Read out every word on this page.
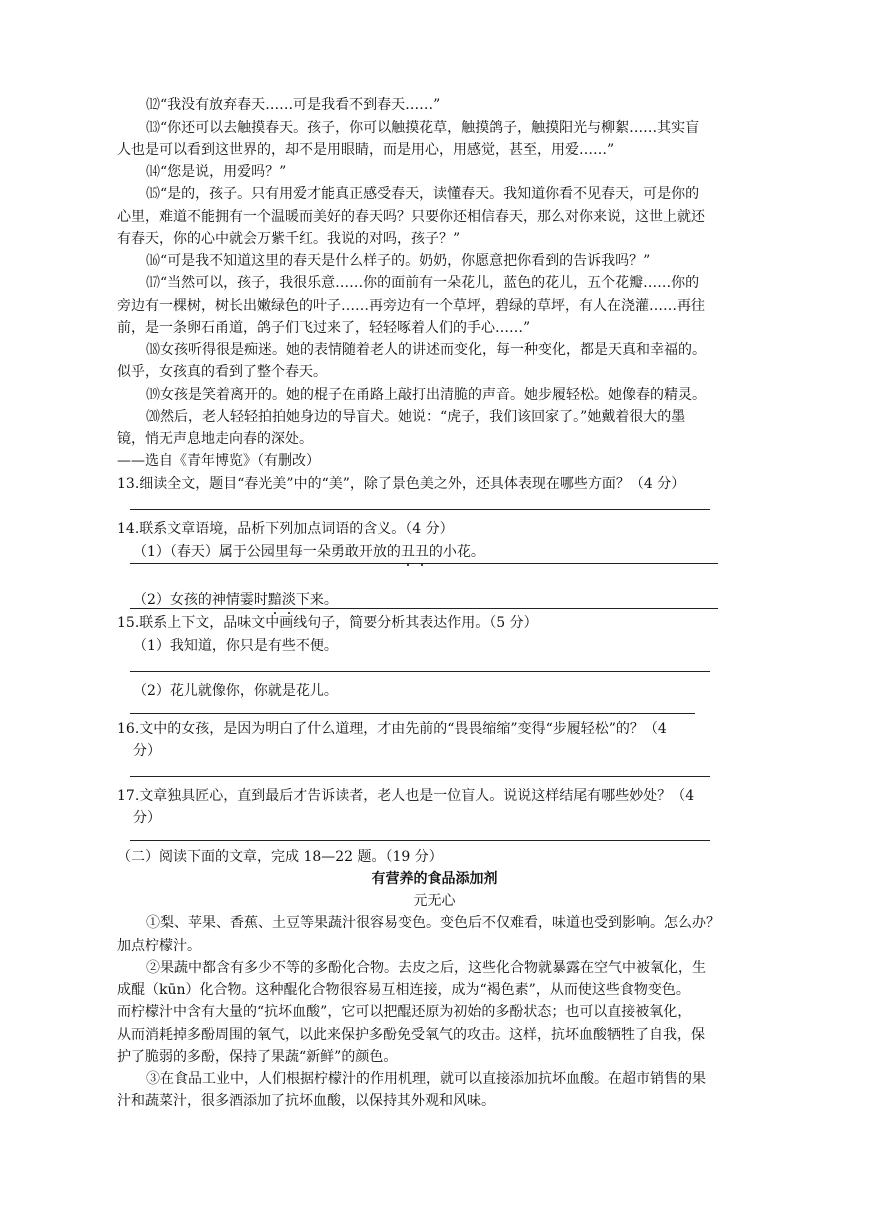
⑿“我没有放弃春天……可是我看不到春天……”
⒀“你还可以去触摸春天。孩子，你可以触摸花草，触摸鸽子，触摸阳光与柳絮……其实盲
人也是可以看到这世界的，却不是用眼睛，而是用心，用感觉，甚至，用爱……”
⒁“您是说，用爱吗？”
⒂“是的，孩子。只有用爱才能真正感受春天，读懂春天。我知道你看不见春天，可是你的
心里，难道不能拥有一个温暖而美好的春天吗？只要你还相信春天，那么对你来说，这世上就还
有春天，你的心中就会万紫千红。我说的对吗，孩子？”
⒃“可是我不知道这里的春天是什么样子的。奶奶，你愿意把你看到的告诉我吗？”
⒄“当然可以，孩子，我很乐意……你的面前有一朵花儿，蓝色的花儿，五个花瓣……你的
旁边有一棵树，树长出嫩绿色的叶子……再旁边有一个草坪，碧绿的草坪，有人在浇灌……再往
前，是一条卵石甬道，鸽子们飞过来了，轻轻啄着人们的手心……”
⒅女孩听得很是痴迷。她的表情随着老人的讲述而变化，每一种变化，都是天真和幸福的。
似乎，女孩真的看到了整个春天。
⒆女孩是笑着离开的。她的棍子在甬路上敲打出清脆的声音。她步履轻松。她像春的精灵。
⒇然后，老人轻轻拍拍她身边的导盲犬。她说：“虎子，我们该回家了。”她戴着很大的墨
镜，悄无声息地走向春的深处。
——选自《青年博览》（有删改）
13.细读全文，题目“春光美”中的“美”，除了景色美之外，还具体表现在哪些方面？（4 分）
14.联系文章语境，品析下列加点词语的含义。（4 分）
（1）（春天）属于公园里每一朵勇敢开放的丑丑的小花。
（2）女孩的神情霎时黯淡下来。
15.联系上下文，品味文中画线句子，简要分析其表达作用。（5 分）
（1）我知道，你只是有些不便。
（2）花儿就像你，你就是花儿。
16.文中的女孩，是因为明白了什么道理，才由先前的“畏畏缩缩”变得“步履轻松”的？（4
分）
17.文章独具匠心，直到最后才告诉读者，老人也是一位盲人。说说这样结尾有哪些妙处？（4
分）
（二）阅读下面的文章，完成 18—22 题。（19 分）
有营养的食品添加剂
元无心
①梨、苹果、香蕉、土豆等果蔬汁很容易变色。变色后不仅难看，味道也受到影响。怎么办？
加点柠檬汁。
②果蔬中都含有多少不等的多酚化合物。去皮之后，这些化合物就暴露在空气中被氧化，生
成醌（kūn）化合物。这种醌化合物很容易互相连接，成为“褐色素”，从而使这些食物变色。
而柠檬汁中含有大量的“抗坏血酸”，它可以把醌还原为初始的多酚状态；也可以直接被氧化，
从而消耗掉多酚周围的氧气，以此来保护多酚免受氧气的攻击。这样，抗坏血酸牺牲了自我，保
护了脆弱的多酚，保持了果蔬“新鲜”的颜色。
③在食品工业中，人们根据柠檬汁的作用机理，就可以直接添加抗坏血酸。在超市销售的果
汁和蔬菜汁，很多酒添加了抗坏血酸，以保持其外观和风味。
